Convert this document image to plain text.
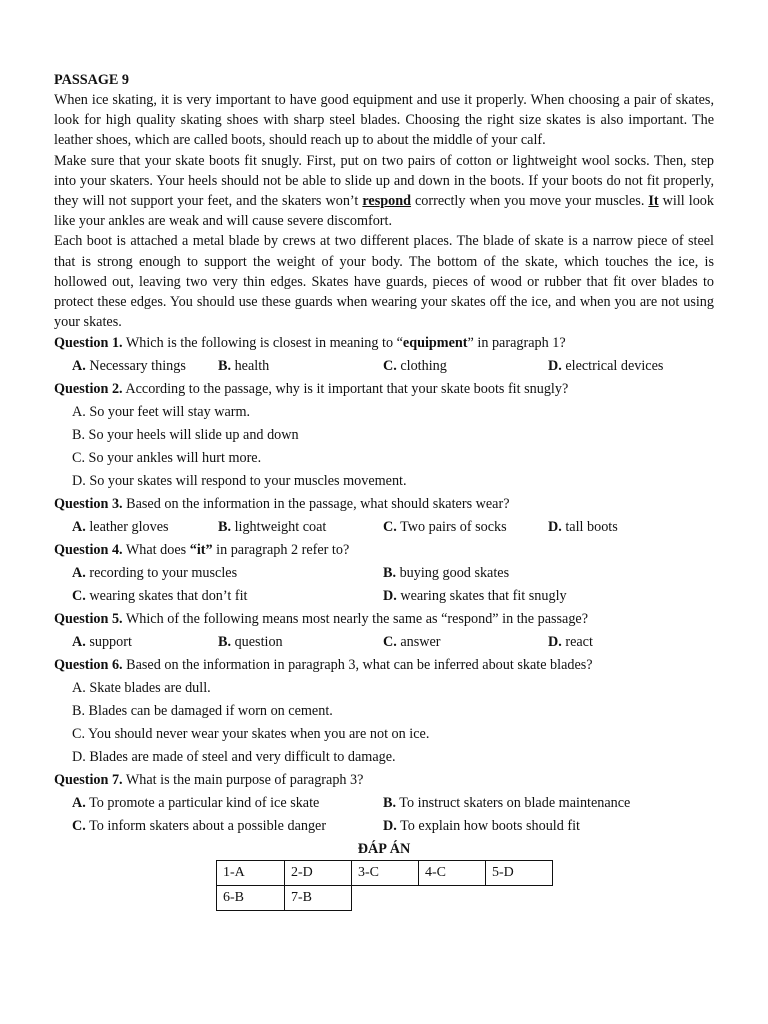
PASSAGE 9

When ice skating, it is very important to have good equipment and use it properly. When choosing a pair of skates, look for high quality skating shoes with sharp steel blades. Choosing the right size skates is also important. The leather shoes, which are called boots, should reach up to about the middle of your calf.

Make sure that your skate boots fit snugly. First, put on two pairs of cotton or lightweight wool socks. Then, step into your skaters. Your heels should not be able to slide up and down in the boots. If your boots do not fit properly, they will not support your feet, and the skaters won’t respond correctly when you move your muscles. It will look like your ankles are weak and will cause severe discomfort.

Each boot is attached a metal blade by crews at two different places. The blade of skate is a narrow piece of steel that is strong enough to support the weight of your body. The bottom of the skate, which touches the ice, is hollowed out, leaving two very thin edges. Skates have guards, pieces of wood or rubber that fit over blades to protect these edges. You should use these guards when wearing your skates off the ice, and when you are not using your skates.

Question 1. Which is the following is closest in meaning to “equipment” in paragraph 1?
A. Necessary things B. health	C. clothing	D. electrical devices
Question 2. According to the passage, why is it important that your skate boots fit snugly?
A. So your feet will stay warm.
B. So your heels will slide up and down
C. So your ankles will hurt more.
D. So your skates will respond to your muscles movement.
Question 3. Based on the information in the passage, what should skaters wear?
A. leather gloves	B. lightweight coat	C. Two pairs of socks	D. tall boots
Question 4. What does “it” in paragraph 2 refer to?
A. recording to your muscles	B. buying good skates
C. wearing skates that don’t fit	D. wearing skates that fit snugly
Question 5. Which of the following means most nearly the same as “respond” in the passage?
A. support	B. question	C. answer	D. react
Question 6. Based on the information in paragraph 3, what can be inferred about skate blades?
A. Skate blades are dull.
B. Blades can be damaged if worn on cement.
C. You should never wear your skates when you are not on ice.
D. Blades are made of steel and very difficult to damage.
Question 7. What is the main purpose of paragraph 3?
A. To promote a particular kind of ice skate	B. To instruct skaters on blade maintenance
C. To inform skaters about a possible danger	D. To explain how boots should fit
ĐÁP ÁN
1-A	2-D	3-C	4-C	5-D
6-B	7-B			
